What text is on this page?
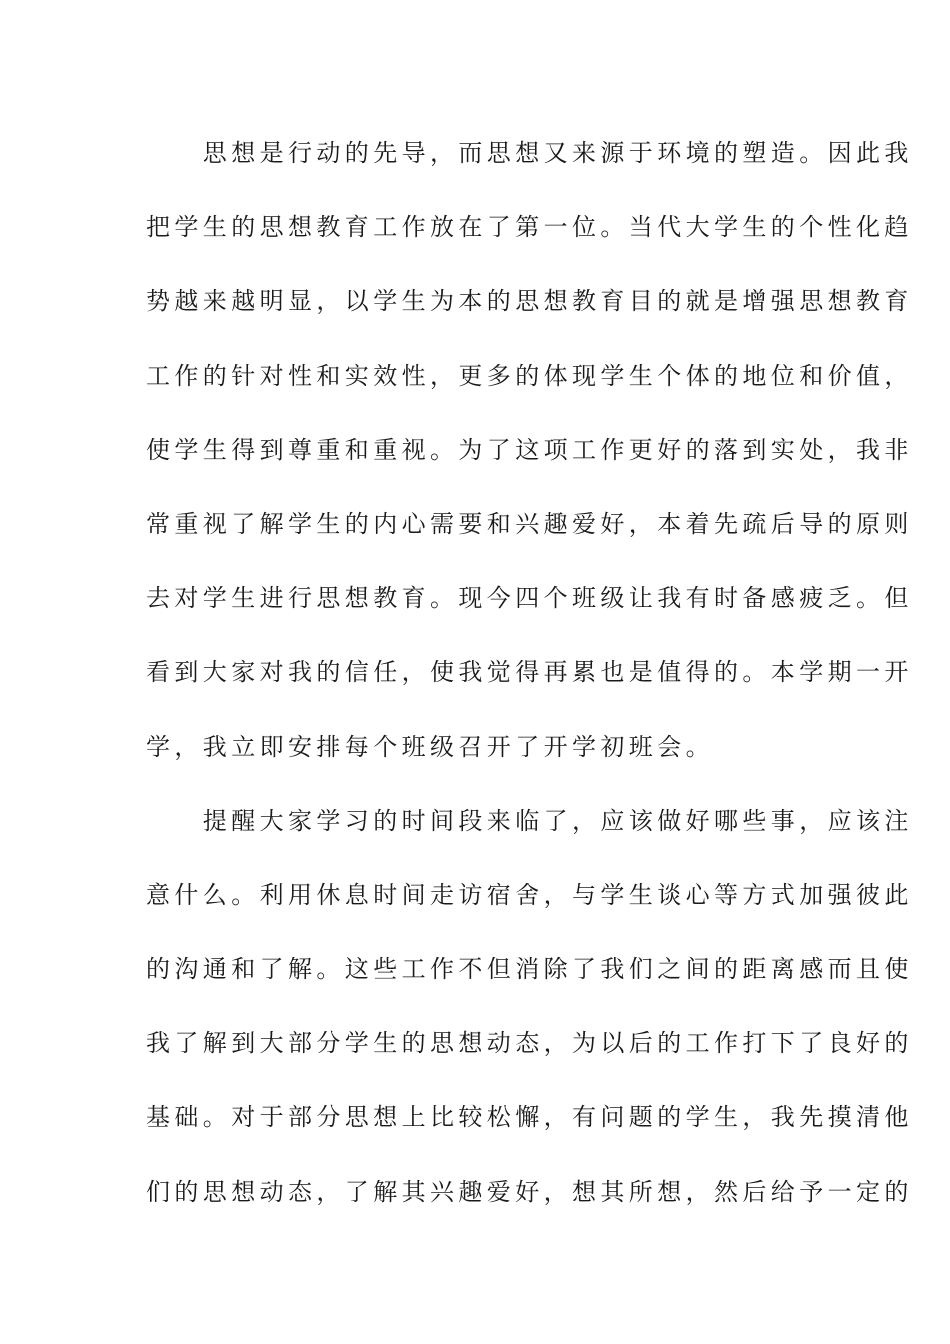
　　思想是行动的先导，而思想又来源于环境的塑造。因此我
把学生的思想教育工作放在了第一位。当代大学生的个性化趋
势越来越明显，以学生为本的思想教育目的就是增强思想教育
工作的针对性和实效性，更多的体现学生个体的地位和价值，
使学生得到尊重和重视。为了这项工作更好的落到实处，我非
常重视了解学生的内心需要和兴趣爱好，本着先疏后导的原则
去对学生进行思想教育。现今四个班级让我有时备感疲乏。但
看到大家对我的信任，使我觉得再累也是值得的。本学期一开
学，我立即安排每个班级召开了开学初班会。
　　提醒大家学习的时间段来临了，应该做好哪些事，应该注
意什么。利用休息时间走访宿舍，与学生谈心等方式加强彼此
的沟通和了解。这些工作不但消除了我们之间的距离感而且使
我了解到大部分学生的思想动态，为以后的工作打下了良好的
基础。对于部分思想上比较松懈，有问题的学生，我先摸清他
们的思想动态，了解其兴趣爱好，想其所想，然后给予一定的
